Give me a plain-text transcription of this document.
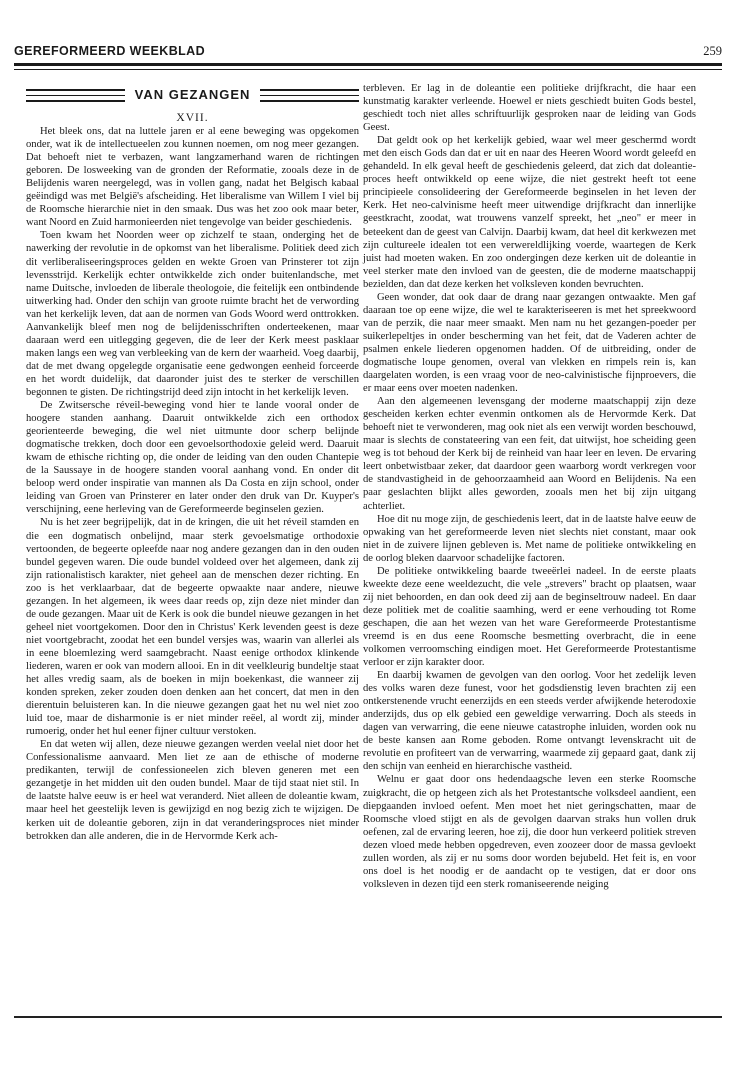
GEREFORMEERD WEEKBLAD	259
VAN GEZANGEN

XVII.

Het bleek ons, dat na luttele jaren er al eene beweging was opgekomen onder, wat ik de intellectueelen zou kunnen noemen, om nog meer gezangen. Dat behoeft niet te verbazen, want langzamerhand waren de richtingen geboren. De losweeking van de gronden der Reformatie, zooals deze in de Belijdenis waren neergelegd, was in vollen gang, nadat het Belgisch kabaal geëindigd was met België's afscheiding. Het liberalisme van Willem I viel bij de Roomsche hierarchie niet in den smaak. Dus was het zoo ook maar beter, want Noord en Zuid harmonieerden niet tengevolge van beider geschiedenis.

Toen kwam het Noorden weer op zichzelf te staan, onderging het de nawerking der revolutie in de opkomst van het liberalisme. Politiek deed zich dit verliberaliseeringsproces gelden en wekte Groen van Prinsterer tot zijn levensstrijd. Kerkelijk echter ontwikkelde zich onder buitenlandsche, met name Duitsche, invloeden de liberale theologoie, die feitelijk een ontbindende uitwerking had. Onder den schijn van groote ruimte bracht het de verwording van het kerkelijk leven, dat aan de normen van Gods Woord werd onttrokken. Aanvankelijk bleef men nog de belijdenisschriften onderteekenen, maar daaraan werd een uitlegging gegeven, die de leer der Kerk meest pasklaar maken langs een weg van verbleeking van de kern der waarheid. Voeg daarbij, dat de met dwang opgelegde organisatie eene gedwongen eenheid forceerde en het wordt duidelijk, dat daaronder juist des te sterker de verschillen begonnen te gisten. De richtingstrijd deed zijn intocht in het kerkelijk leven.

De Zwitsersche réveil-beweging vond hier te lande vooral onder de hoogere standen aanhang. Daaruit ontwikkelde zich een orthodox georienteerde beweging, die wel niet uitmunte door scherp belijnde dogmatische trekken, doch door een gevoelsorthodoxie geleid werd. Daaruit kwam de ethische richting op, die onder de leiding van den ouden Chantepie de la Saussaye in de hoogere standen vooral aanhang vond. En onder dit beloop werd onder inspiratie van mannen als Da Costa en zijn school, onder leiding van Groen van Prinsterer en later onder den druk van Dr. Kuyper's verschijning, eene herleving van de Gereformeerde beginselen gezien.

Nu is het zeer begrijpelijk, dat in de kringen, die uit het réveil stamden en die een dogmatisch onbelijnd, maar sterk gevoelsmatige orthodoxie vertoonden, de begeerte opleefde naar nog andere gezangen dan in den ouden bundel gegeven waren. Die oude bundel voldeed over het algemeen, dank zij zijn rationalistisch karakter, niet geheel aan de menschen dezer richting. En zoo is het verklaarbaar, dat de begeerte opwaakte naar andere, nieuwe gezangen. In het algemeen, ik wees daar reeds op, zijn deze niet minder dan de oude gezangen. Maar uit de Kerk is ook die bundel nieuwe gezangen in het geheel niet voortgekomen. Door den in Christus' Kerk levenden geest is deze niet voortgebracht, zoodat het een bundel versjes was, waarin van allerlei als in eene bloemlezing werd saamgebracht. Naast eenige orthodox klinkende liederen, waren er ook van modern allooi. En in dit veelkleurig bundeltje staat het alles vredig saam, als de boeken in mijn boekenkast, die wanneer zij konden spreken, zeker zouden doen denken aan het concert, dat men in den dierentuin beluisteren kan. In die nieuwe gezangen gaat het nu wel niet zoo luid toe, maar de disharmonie is er niet minder reëel, al wordt zij, minder rumoerig, onder het hul eener fijner cultuur verstoken.

En dat weten wij allen, deze nieuwe gezangen werden veelal niet door het Confessionalisme aanvaard. Men liet ze aan de ethische of moderne predikanten, terwijl de confessioneelen zich bleven generen met een gezangetje in het midden uit den ouden bundel. Maar de tijd staat niet stil. In de laatste halve eeuw is er heel wat veranderd. Niet alleen de doleantie kwam, maar heel het geestelijk leven is gewijzigd en nog bezig zich te wijzigen. De kerken uit de doleantie geboren, zijn in dat veranderingsproces niet minder betrokken dan alle anderen, die in de Hervormde Kerk ach-

terbleven. Er lag in de doleantie een politieke drijfkracht, die haar een kunstmatig karakter verleende. Hoewel er niets geschiedt buiten Gods bestel, geschiedt toch niet alles schriftuurlijk gesproken naar de leiding van Gods Geest.

Dat geldt ook op het kerkelijk gebied, waar wel meer geschermd wordt met den eisch Gods dan dat er uit en naar des Heeren Woord wordt geleefd en gehandeld. In elk geval heeft de geschiedenis geleerd, dat zich dat doleantie-proces heeft ontwikkeld op eene wijze, die niet gestrekt heeft tot eene principieele consolideering der Gereformeerde beginselen in het leven der Kerk. Het neo-calvinisme heeft meer uitwendige drijfkracht dan innerlijke geestkracht, zoodat, wat trouwens vanzelf spreekt, het „neo" er meer in beteekent dan de geest van Calvijn. Daarbij kwam, dat heel dit kerkwezen met zijn cultureele idealen tot een verwereldlijking voerde, waartegen de Kerk juist had moeten waken. En zoo ondergingen deze kerken uit de doleantie in veel sterker mate den invloed van de geesten, die de moderne maatschappij bezielden, dan dat deze kerken het volksleven konden bevruchten.

Geen wonder, dat ook daar de drang naar gezangen ontwaakte. Men gaf daaraan toe op eene wijze, die wel te karakteriseeren is met het spreekwoord van de perzik, die naar meer smaakt. Men nam nu het gezangen-poeder per suikerlepeltjes in onder bescherming van het feit, dat de Vaderen achter de psalmen enkele liederen opgenomen hadden. Of de uitbreiding, onder de dogmatische loupe genomen, overal van vlekken en rimpels rein is, kan daargelaten worden, is een vraag voor de neo-calvinistische fijnproevers, die er maar eens over moeten nadenken.

Aan den algemeenen levensgang der moderne maatschappij zijn deze gescheiden kerken echter evenmin ontkomen als de Hervormde Kerk. Dat behoeft niet te verwonderen, mag ook niet als een verwijt worden beschouwd, maar is slechts de constateering van een feit, dat uitwijst, hoe scheiding geen weg is tot behoud der Kerk bij de reinheid van haar leer en leven. De ervaring leert onbetwistbaar zeker, dat daardoor geen waarborg wordt verkregen voor de standvastigheid in de gehoorzaamheid aan Woord en Belijdenis. Na een paar geslachten blijkt alles geworden, zooals men het bij zijn uitgang achterliet.

Hoe dit nu moge zijn, de geschiedenis leert, dat in de laatste halve eeuw de opwaking van het gereformeerde leven niet slechts niet constant, maar ook niet in de zuivere lijnen gebleven is. Met name de politieke ontwikkeling en de oorlog bleken daarvoor schadelijke factoren.

De politieke ontwikkeling baarde tweeërlei nadeel. In de eerste plaats kweekte deze eene weeldezucht, die vele „strevers" bracht op plaatsen, waar zij niet behoorden, en dan ook deed zij aan de beginseltrouw nadeel. En daar deze politiek met de coalitie saamhing, werd er eene verhouding tot Rome geschapen, die aan het wezen van het ware Gereformeerde Protestantisme vreemd is en dus eene Roomsche besmetting overbracht, die in eene volkomen verroomsching eindigen moet. Het Gereformeerde Protestantisme verloor er zijn karakter door.

En daarbij kwamen de gevolgen van den oorlog. Voor het zedelijk leven des volks waren deze funest, voor het godsdienstig leven brachten zij een ontkerstenende vrucht eenerzijds en een steeds verder afwijkende heterodoxie anderzijds, dus op elk gebied een geweldige verwarring. Doch als steeds in dagen van verwarring, die eene nieuwe catastrophe inluiden, worden ook nu de beste kansen aan Rome geboden. Rome ontvangt levenskracht uit de revolutie en profiteert van de verwarring, waarmede zij gepaard gaat, dank zij den schijn van eenheid en hierarchische vastheid.

Welnu er gaat door ons hedendaagsche leven een sterke Roomsche zuigkracht, die op hetgeen zich als het Protestantsche volksdeel aandient, een diepgaanden invloed oefent. Men moet het niet geringschatten, maar de Roomsche vloed stijgt en als de gevolgen daarvan straks hun vollen druk oefenen, zal de ervaring leeren, hoe zij, die door hun verkeerd politiek streven dezen vloed mede hebben opgedreven, even zoozeer door de massa gevloekt zullen worden, als zij er nu soms door worden bejubeld. Het feit is, en voor ons doel is het noodig er de aandacht op te vestigen, dat er door ons volksleven in dezen tijd een sterk romaniseerende neiging
